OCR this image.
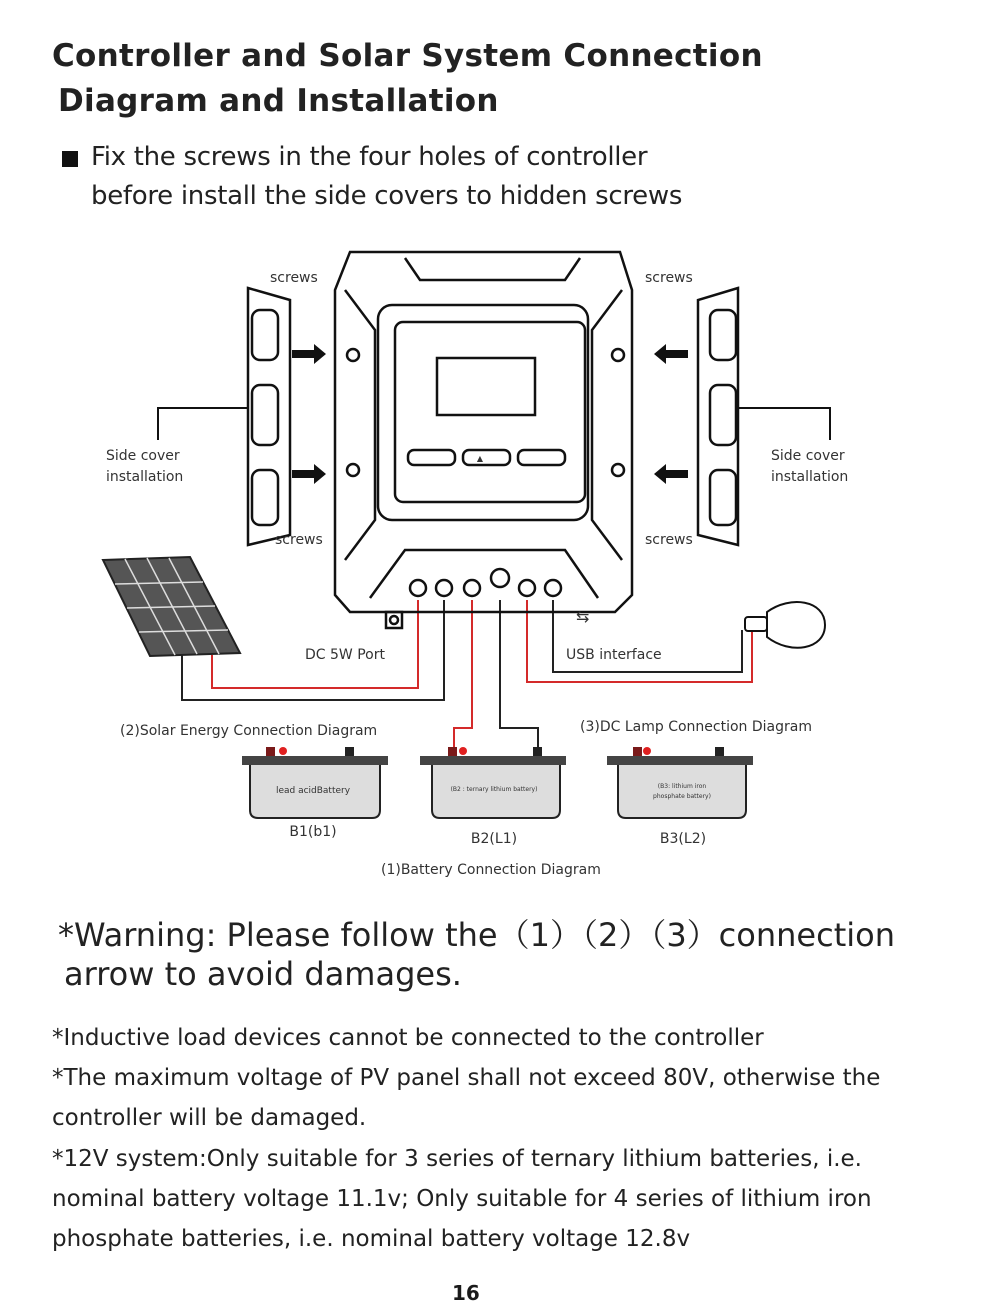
Controller and Solar System Connection
Diagram and Installation
Fix the screws in the four holes of controller
before install the side covers to hidden screws
▲
⇆
screws	screws
screws	screws
Side cover
installation
Side cover
installation
DC 5W Port	USB interface
(2)Solar Energy Connection Diagram	(3)DC Lamp Connection Diagram
lead acidBattery
B1(b1)
(B2 : ternary lithium battery)
B2(L1)
(B3: lithium iron
phosphate battery)
B3(L2)
(1)Battery Connection Diagram
*Warning: Please follow the（1）（2）（3）connection
arrow to avoid damages.
*Inductive load devices cannot be connected to the controller
*The maximum voltage of PV panel shall not exceed 80V, otherwise the
controller will be damaged.
*12V system:Only suitable for 3 series of ternary lithium batteries, i.e.
nominal battery voltage 11.1v; Only suitable for 4 series of lithium iron
phosphate batteries, i.e. nominal battery voltage 12.8v
16
